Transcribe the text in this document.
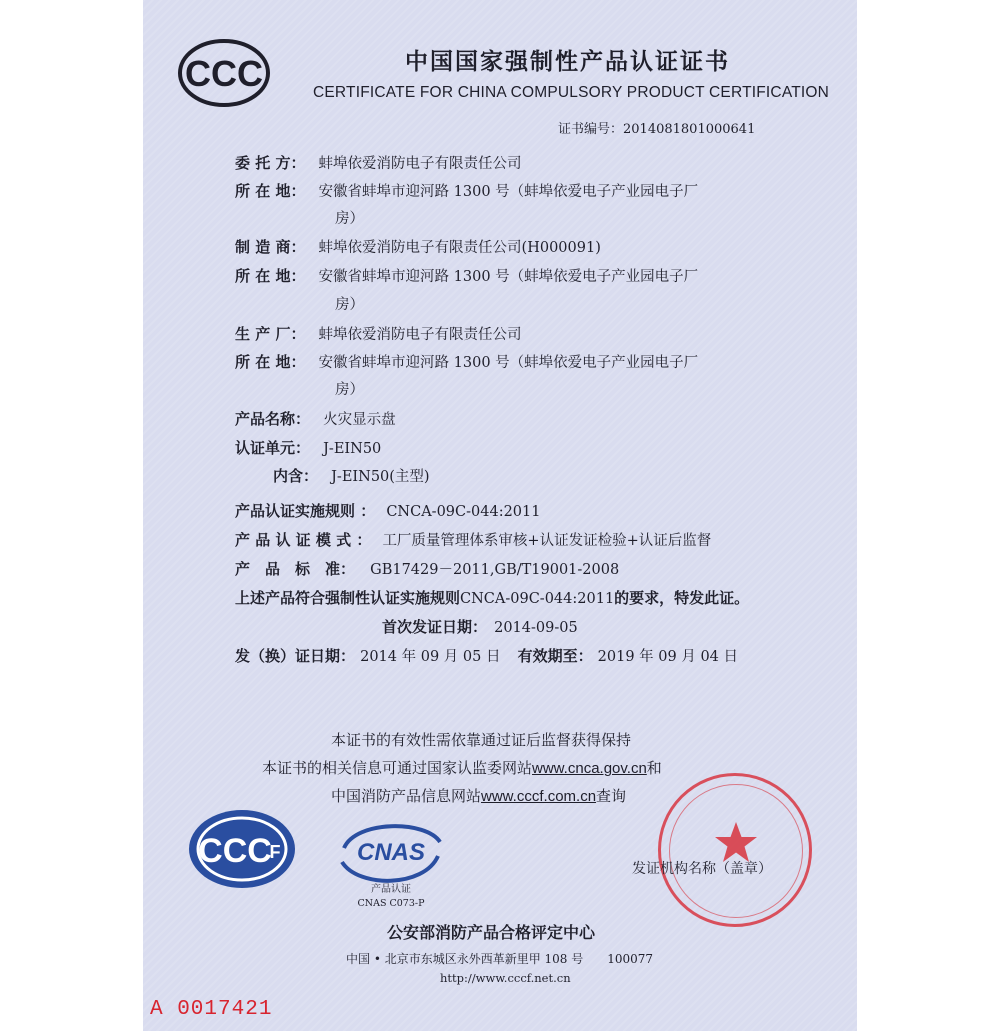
CCC	中国国家强制性产品认证证书
CERTIFICATE FOR CHINA COMPULSORY PRODUCT CERTIFICATION
证书编号：2014081801000641
委 托 方： 蚌埠依爱消防电子有限责任公司
所 在 地： 安徽省蚌埠市迎河路 1300 号（蚌埠依爱电子产业园电子厂
房）
制 造 商： 蚌埠依爱消防电子有限责任公司(H000091)
所 在 地： 安徽省蚌埠市迎河路 1300 号（蚌埠依爱电子产业园电子厂
房）
生 产 厂： 蚌埠依爱消防电子有限责任公司
所 在 地： 安徽省蚌埠市迎河路 1300 号（蚌埠依爱电子产业园电子厂
房）
产品名称： 火灾显示盘
认证单元： J-EIN50
内含： J-EIN50(主型)
产品认证实施规则 ： CNCA-09C-044:2011
产 品 认 证 模 式 ： 工厂质量管理体系审核+认证发证检验+认证后监督
产　品　标　准： GB17429－2011,GB/T19001-2008
上述产品符合强制性认证实施规则CNCA-09C-044:2011的要求，特发此证。
首次发证日期： 2014-09-05
发（换）证日期： 2014 年 09 月 05 日 有效期至： 2019 年 09 月 04 日
本证书的有效性需依靠通过证后监督获得保持
本证书的相关信息可通过国家认监委网站www.cnca.gov.cn和
中国消防产品信息网站www.cccf.com.cn查询
CCC
F	CNAS
产品认证
CNAS C073-P
发证机构名称（盖章）
公安部消防产品合格评定中心
中国 • 北京市东城区永外西革新里甲 108 号　　100077
http://www.cccf.net.cn
A 0017421
